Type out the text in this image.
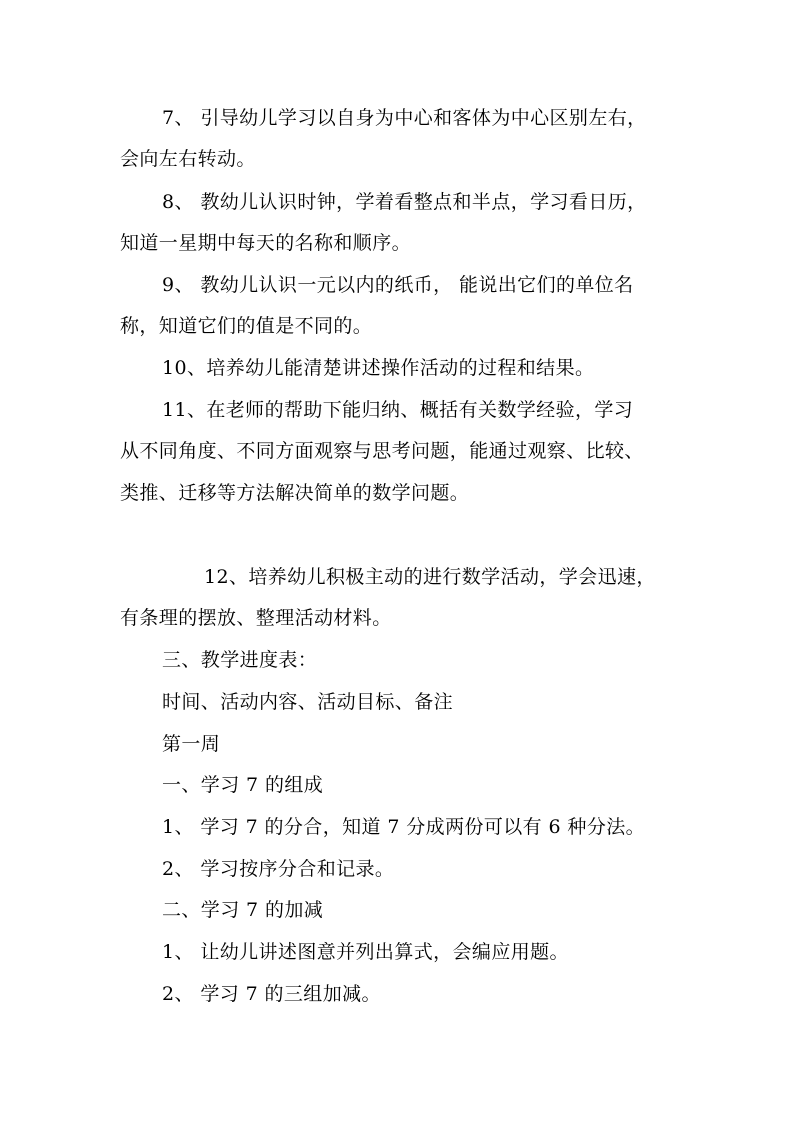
7、 引导幼儿学习以自身为中心和客体为中心区别左右，
会向左右转动。
8、 教幼儿认识时钟，学着看整点和半点，学习看日历，
知道一星期中每天的名称和顺序。
9、 教幼儿认识一元以内的纸币， 能说出它们的单位名
称，知道它们的值是不同的。
10、培养幼儿能清楚讲述操作活动的过程和结果。
11、在老师的帮助下能归纳、概括有关数学经验，学习
从不同角度、不同方面观察与思考问题，能通过观察、比较、
类推、迁移等方法解决简单的数学问题。
12、培养幼儿积极主动的进行数学活动，学会迅速，
有条理的摆放、整理活动材料。
三、教学进度表：
时间、活动内容、活动目标、备注
第一周
一、学习 7 的组成
1、 学习 7 的分合，知道 7 分成两份可以有 6 种分法。
2、 学习按序分合和记录。
二、学习 7 的加减
1、 让幼儿讲述图意并列出算式，会编应用题。
2、 学习 7 的三组加减。
